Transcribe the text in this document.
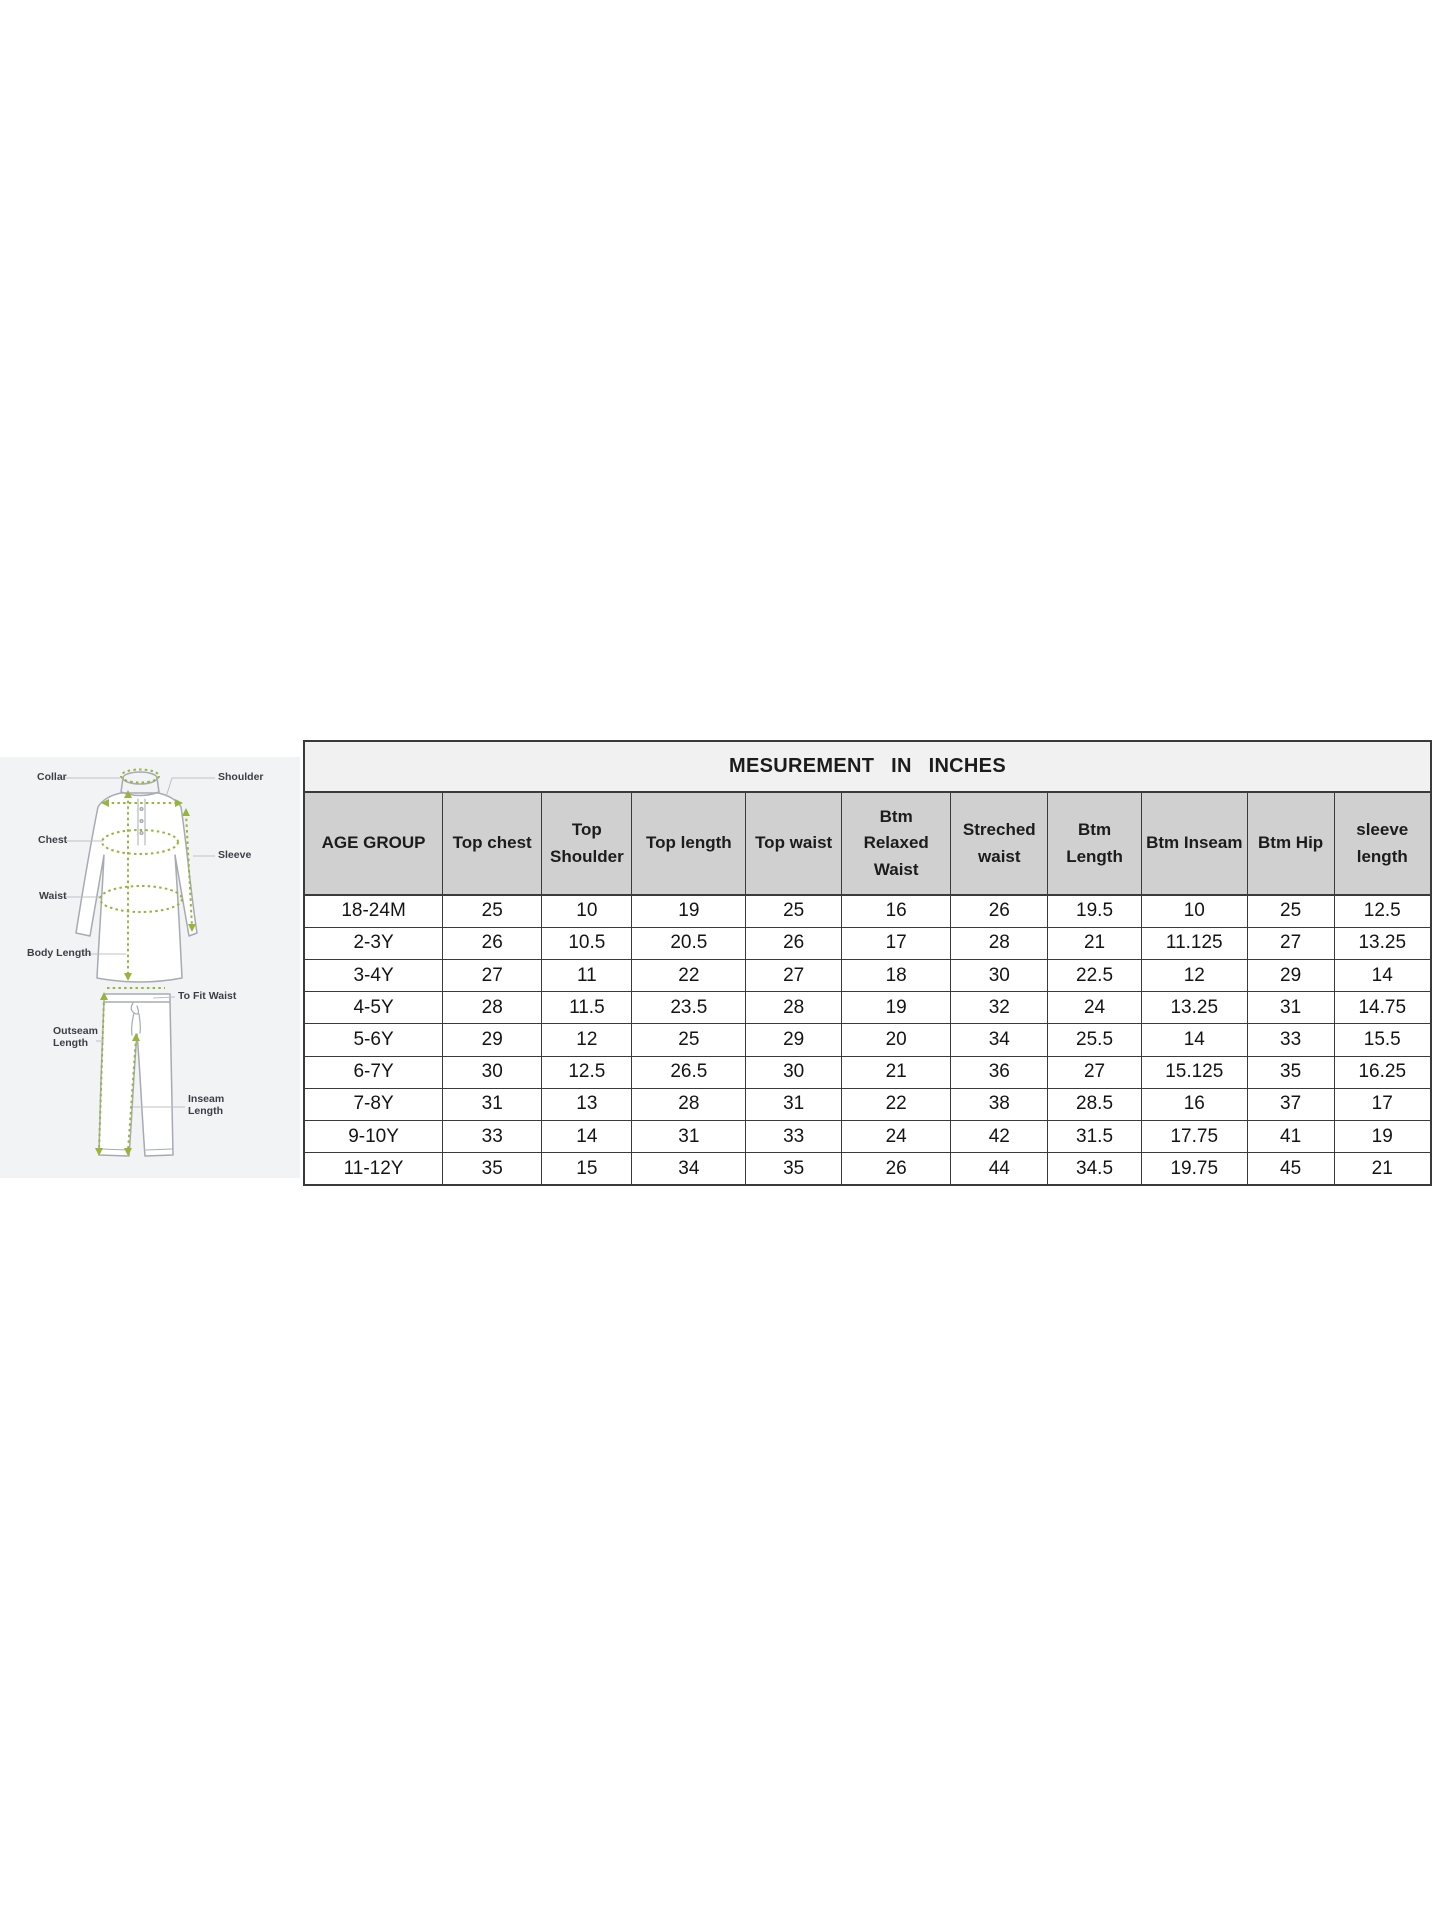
Collar	Shoulder
Chest
Sleeve
Waist
Body Length
To Fit Waist
Outseam Length
Inseam Length
MESUREMENT IN INCHES										
AGE GROUP	Top chest	Top Shoulder	Top length	Top waist	Btm Relaxed Waist	Streched waist	Btm Length	Btm Inseam	Btm Hip	sleeve length
18-24M	25	10	19	25	16	26	19.5	10	25	12.5
2-3Y	26	10.5	20.5	26	17	28	21	11.125	27	13.25
3-4Y	27	11	22	27	18	30	22.5	12	29	14
4-5Y	28	11.5	23.5	28	19	32	24	13.25	31	14.75
5-6Y	29	12	25	29	20	34	25.5	14	33	15.5
6-7Y	30	12.5	26.5	30	21	36	27	15.125	35	16.25
7-8Y	31	13	28	31	22	38	28.5	16	37	17
9-10Y	33	14	31	33	24	42	31.5	17.75	41	19
11-12Y	35	15	34	35	26	44	34.5	19.75	45	21
